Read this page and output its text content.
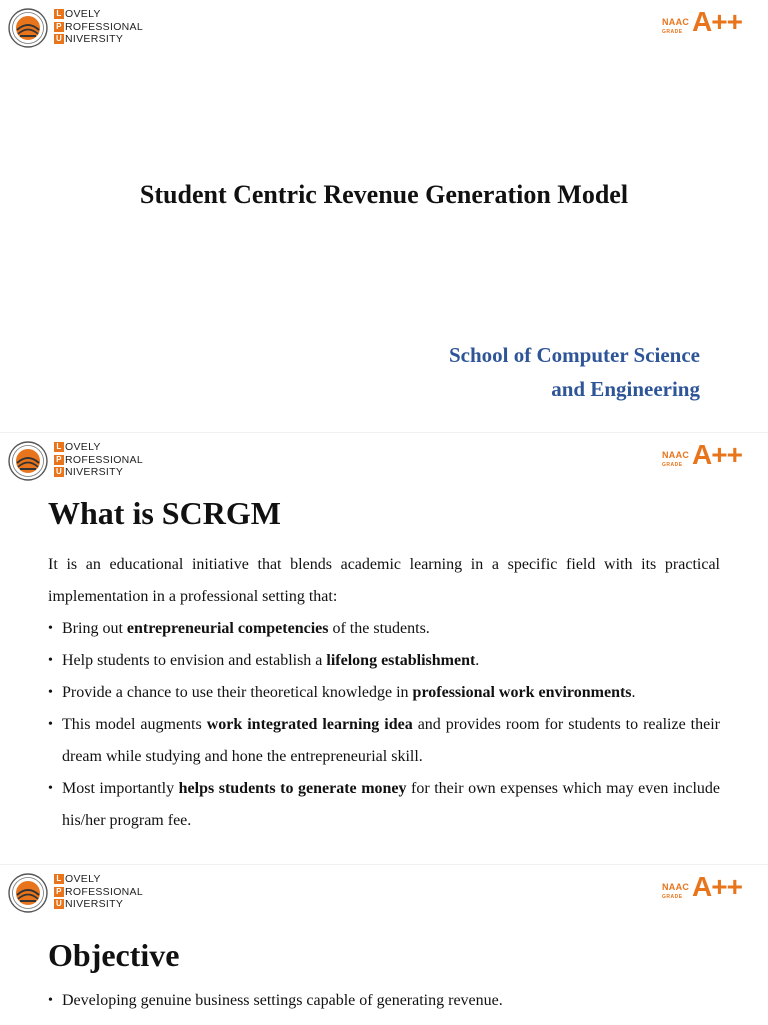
L OVELY
P ROFESSIONAL
U NIVERSITY
NAAC
GRADE A++
Student Centric Revenue Generation Model
School of Computer Science
and Engineering
L OVELY
P ROFESSIONAL
U NIVERSITY
NAAC
GRADE A++
What is SCRGM

It is an educational initiative that blends academic learning in a specific field with its practical implementation in a professional setting that:

• Bring out entrepreneurial competencies of the students.
• Help students to envision and establish a lifelong establishment.
• Provide a chance to use their theoretical knowledge in professional work environments.
• This model augments work integrated learning idea and provides room for students to realize their dream while studying and hone the entrepreneurial skill.
• Most importantly helps students to generate money for their own expenses which may even include his/her program fee.
L OVELY
P ROFESSIONAL
U NIVERSITY
NAAC
GRADE A++
Objective
• Developing genuine business settings capable of generating revenue.
